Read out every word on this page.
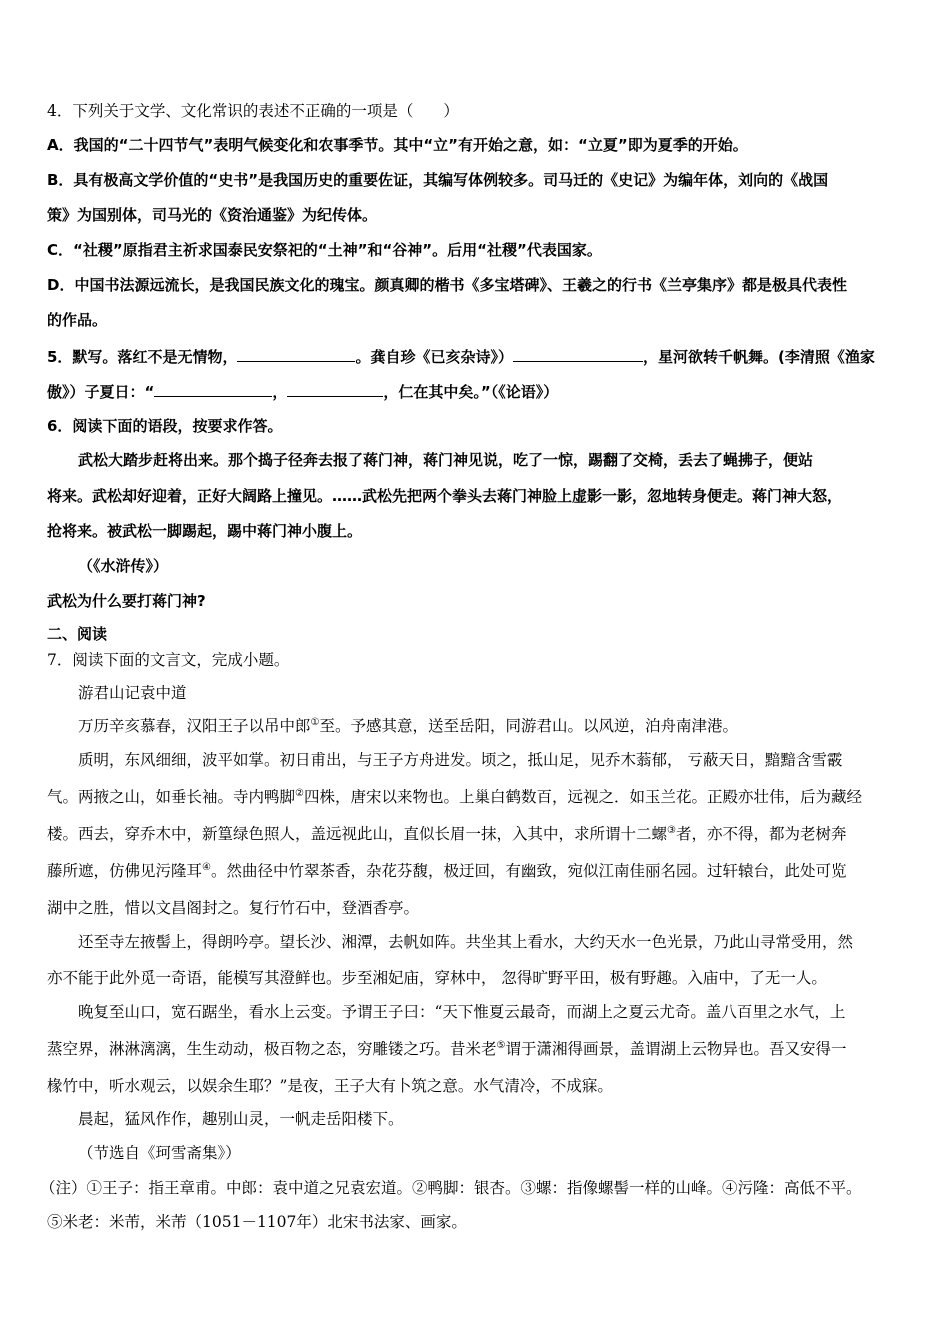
4．下列关于文学、文化常识的表述不正确的一项是（ ）
A．我国的“二十四节气”表明气候变化和农事季节。其中“立”有开始之意，如：“立夏”即为夏季的开始。
B．具有极高文学价值的“史书”是我国历史的重要佐证，其编写体例较多。司马迁的《史记》为编年体，刘向的《战国
策》为国别体，司马光的《资治通鉴》为纪传体。
C．“社稷”原指君主祈求国泰民安祭祀的“土神”和“谷神”。后用“社稷”代表国家。
D．中国书法源远流长，是我国民族文化的瑰宝。颜真卿的楷书《多宝塔碑》、王羲之的行书《兰亭集序》都是极具代表性
的作品。
5．默写。落红不是无情物，	。龚自珍《已亥杂诗》）	，星河欲转千帆舞。(李清照《渔家
傲》）子夏日：“	，	，仁在其中矣。”（《论语》）
6．阅读下面的语段，按要求作答。
武松大踏步赶将出来。那个捣子径奔去报了蒋门神，蒋门神见说，吃了一惊，踢翻了交椅，丢去了蝇拂子，便站
将来。武松却好迎着，正好大阔路上撞见。……武松先把两个拳头去蒋门神脸上虚影一影，忽地转身便走。蒋门神大怒，
抢将来。被武松一脚踢起，踢中蒋门神小腹上。
（《水浒传》）
武松为什么要打蒋门神?
二、阅读
7．阅读下面的文言文，完成小题。
游君山记袁中道
万历辛亥慕春，汉阳王子以吊中郎①至。予感其意，送至岳阳，同游君山。以风逆，泊舟南津港。
质明，东风细细，波平如掌。初日甫出，与王子方舟进发。顷之，抵山足，见乔木蓊郁， 亏蔽天日，黯黯含雪霰
气。两掖之山，如垂长袖。寺内鸭脚②四株，唐宋以来物也。上巢白鹤数百，远视之．如玉兰花。正殿亦壮伟，后为藏经
楼。西去，穿乔木中，新篁绿色照人，盖远视此山，直似长眉一抹，入其中，求所谓十二螺③者，亦不得，都为老树奔
藤所遮，仿佛见污隆耳④。然曲径中竹翠茶香，杂花芬馥，极迂回，有幽致，宛似江南佳丽名园。过轩辕台，此处可览
湖中之胜，惜以文昌阁封之。复行竹石中，登酒香亭。
还至寺左掖髻上，得朗吟亭。望长沙、湘潭，去帆如阵。共坐其上看水，大约天水一色光景，乃此山寻常受用，然
亦不能于此外觅一奇语，能模写其澄鲜也。步至湘妃庙，穿林中， 忽得旷野平田，极有野趣。入庙中，了无一人。
晚复至山口，宽石踞坐，看水上云变。予谓王子曰：“天下惟夏云最奇，而湖上之夏云尤奇。盖八百里之水气，上
蒸空界，淋淋漓漓，生生动动，极百物之态，穷雕镂之巧。昔米老⑤谓于潇湘得画景，盖谓湖上云物异也。吾又安得一
椽竹中，听水观云，以娱余生耶？”是夜，王子大有卜筑之意。水气清冷，不成寐。
晨起，猛风作作，趣别山灵，一帆走岳阳楼下。
（节选自《珂雪斋集》）
（注）①王子：指王章甫。中郎：袁中道之兄袁宏道。②鸭脚：银杏。③螺：指像螺髻一样的山峰。④污隆：高低不平。
⑤米老：米芾，米芾（1051－1107年）北宋书法家、画家。
